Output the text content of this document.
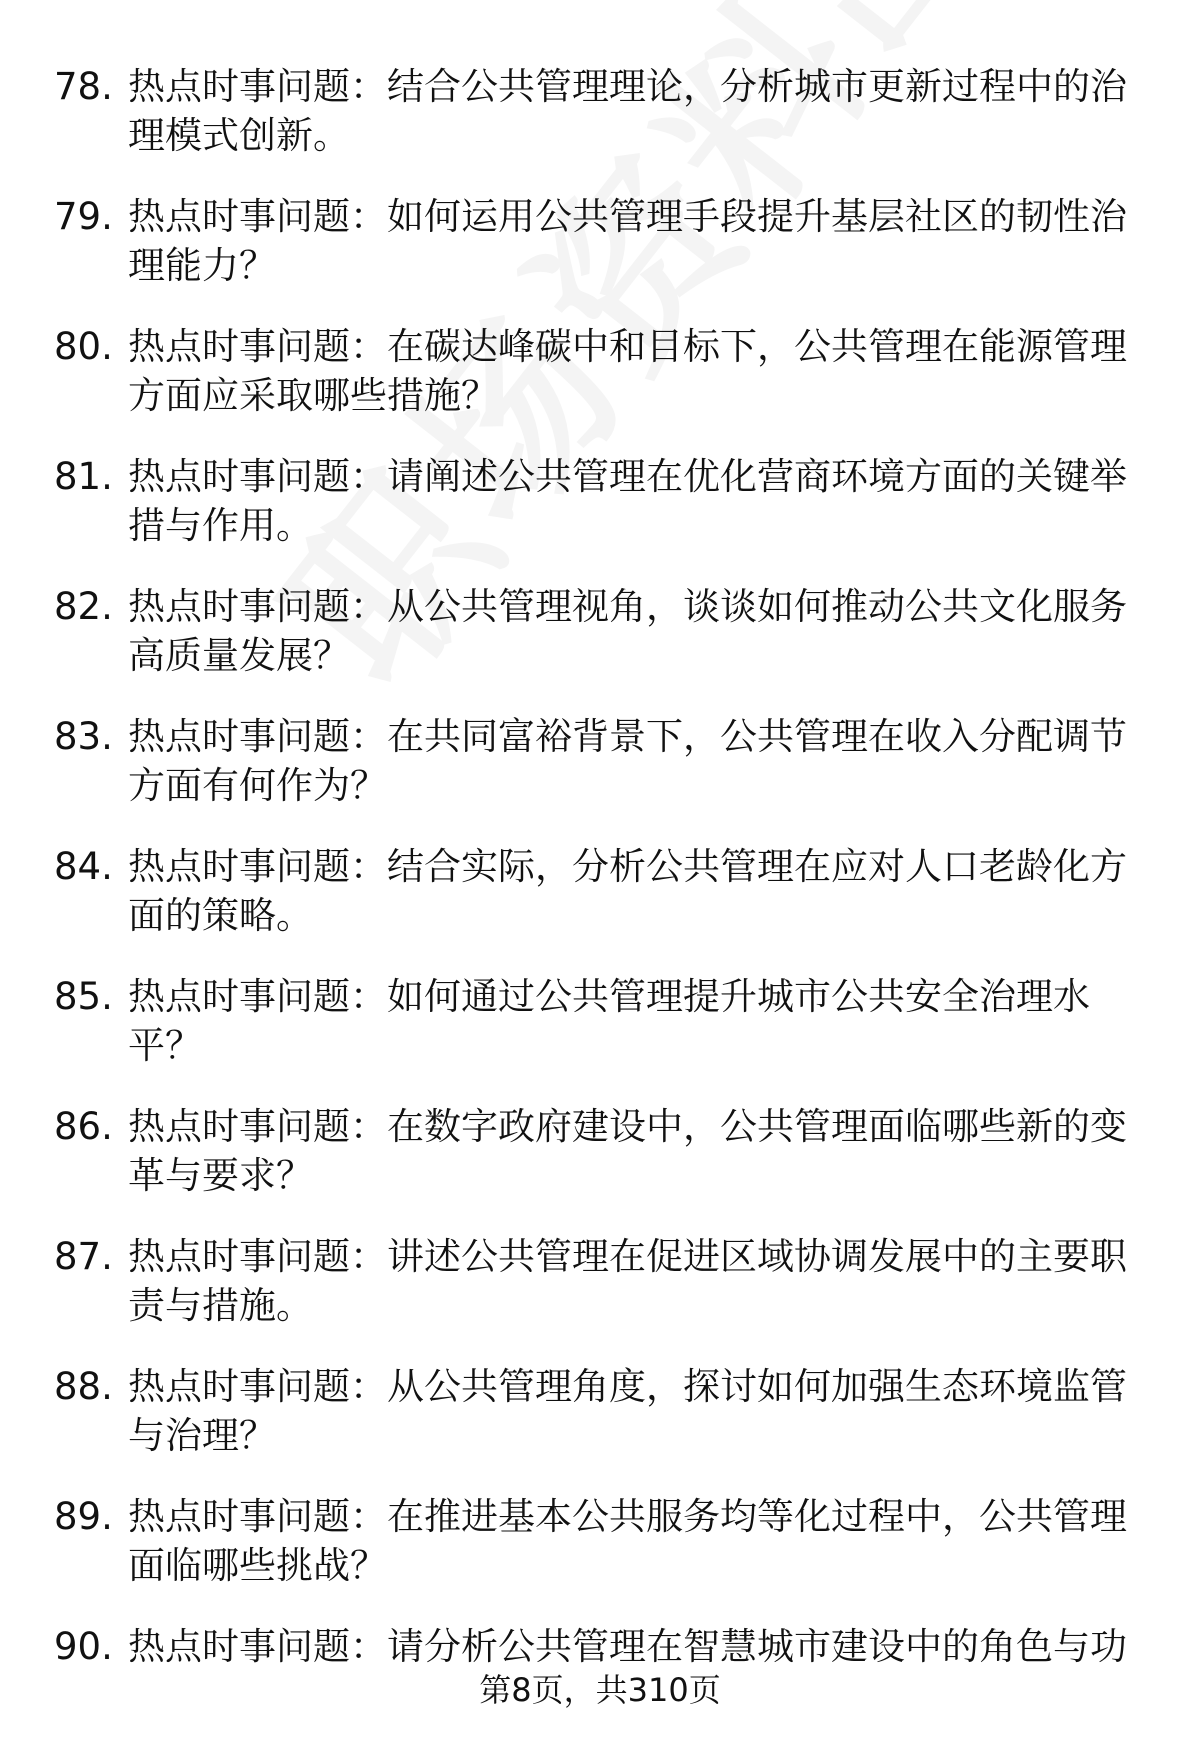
78. 热点时事问题：结合公共管理理论，分析城市更新过程中的治理模式创新。
79. 热点时事问题：如何运用公共管理手段提升基层社区的韧性治理能力？
80. 热点时事问题：在碳达峰碳中和目标下，公共管理在能源管理方面应采取哪些措施？
81. 热点时事问题：请阐述公共管理在优化营商环境方面的关键举措与作用。
82. 热点时事问题：从公共管理视角，谈谈如何推动公共文化服务高质量发展？
83. 热点时事问题：在共同富裕背景下，公共管理在收入分配调节方面有何作为？
84. 热点时事问题：结合实际，分析公共管理在应对人口老龄化方面的策略。
85. 热点时事问题：如何通过公共管理提升城市公共安全治理水平？
86. 热点时事问题：在数字政府建设中，公共管理面临哪些新的变革与要求？
87. 热点时事问题：讲述公共管理在促进区域协调发展中的主要职责与措施。
88. 热点时事问题：从公共管理角度，探讨如何加强生态环境监管与治理？
89. 热点时事问题：在推进基本公共服务均等化过程中，公共管理面临哪些挑战？
90. 热点时事问题：请分析公共管理在智慧城市建设中的角色与功
第8页，共310页
